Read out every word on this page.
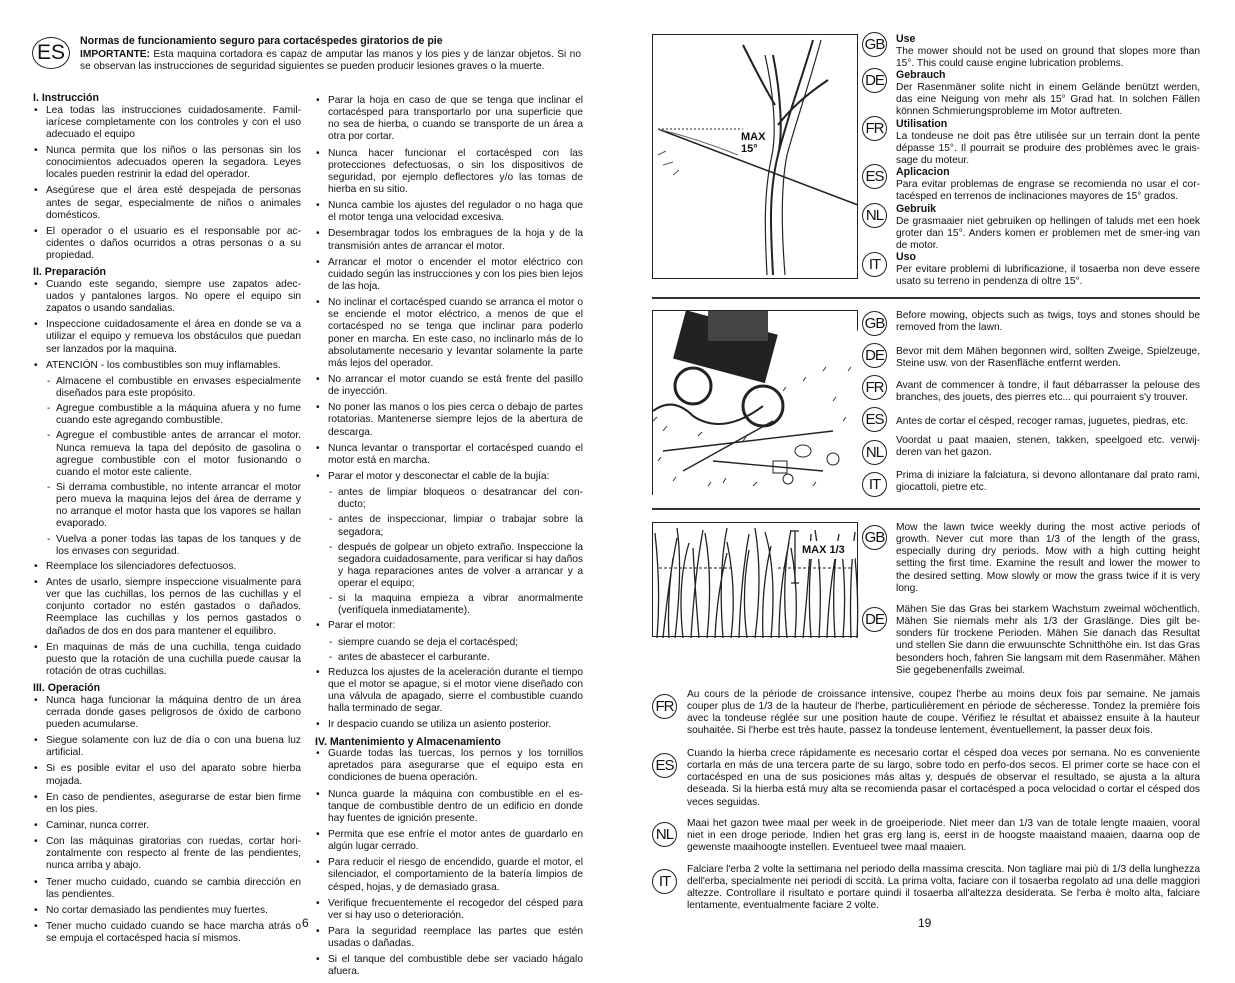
ES	Normas de funcionamiento seguro para cortacéspedes giratorios de pie
IMPORTANTE: Esta maquina cortadora es capaz de amputar las manos y los pies y de lanzar objetos. Si no se observan las instrucciones de seguridad siguientes se pueden producir lesiones graves o la muerte.
I. Instrucción
• Lea todas las instrucciones cuidadosamente. Famil-iarícese completamente con los controles y con el uso adecuado el equipo
• Nunca permita que los niños o las personas sin los conocimientos adecuados operen la segadora. Leyes locales pueden restrinir la edad del operador.
• Asegúrese que el área esté despejada de personas antes de segar, especialmente de niños o animales domésticos.
• El operador o el usuario es el responsable por ac-cidentes o daños ocurridos a otras personas o a su propiedad.
II. Preparación
• Cuando este segando, siempre use zapatos adec-uados y pantalones largos. No opere el equipo sin zapatos o usando sandalias.
• Inspeccione cuidadosamente el área en donde se va a utilizar el equipo y remueva los obstáculos que puedan ser lanzados por la maquina.
• ATENCIÓN - los combustibles son muy inflamables.
- Almacene el combustible en envases especialmente diseñados para este propósito.
- Agregue combustible a la máquina afuera y no fume cuando este agregando combustible.
- Agregue el combustible antes de arrancar el motor. Nunca remueva la tapa del depósito de gasolina o agregue combustible con el motor fusionando o cuando el motor este caliente.
- Si derrama combustible, no intente arrancar el motor pero mueva la maquina lejos del área de derrame y no arranque el motor hasta que los vapores se hallan evaporado.
- Vuelva a poner todas las tapas de los tanques y de los envases con seguridad.
• Reemplace los silenciadores defectuosos.
• Antes de usarlo, siempre inspeccione visualmente para ver que las cuchillas, los pernos de las cuchillas y el conjunto cortador no estén gastados o dañados. Reemplace las cuchillas y los pernos gastados o dañados de dos en dos para mantener el equilibro.
• En maquinas de más de una cuchilla, tenga cuidado puesto que la rotación de una cuchilla puede causar la rotación de otras cuchillas.
III. Operación
• Nunca haga funcionar la máquina dentro de un área cerrada donde gases peligrosos de óxido de carbono pueden acumularse.
• Siegue solamente con luz de día o con una buena luz artificial.
• Si es posible evitar el uso del aparato sobre hierba mojada.
• En caso de pendientes, asegurarse de estar bien firme en los pies.
• Caminar, nunca correr.
• Con las máquinas giratorias con ruedas, cortar hori-zontalmente con respecto al frente de las pendientes, nunca arriba y abajo.
• Tener mucho cuidado, cuando se cambia dirección en las pendientes.
• No cortar demasiado las pendientes muy fuertes.
• Tener mucho cuidado cuando se hace marcha atrás o se empuja el cortacésped hacia sí mismos.
• Parar la hoja en caso de que se tenga que inclinar el cortacésped para transportarlo por una superficie que no sea de hierba, o cuando se transporte de un área a otra por cortar.
• Nunca hacer funcionar el cortacésped con las protecciones defectuosas, o sin los dispositivos de seguridad, por ejemplo deflectores y/o las tomas de hierba en su sitio.
• Nunca cambie los ajustes del regulador o no haga que el motor tenga una velocidad excesiva.
• Desembragar todos los embragues de la hoja y de la transmisión antes de arrancar el motor.
• Arrancar el motor o encender el motor eléctrico con cuidado según las instrucciones y con los pies bien lejos de las hoja.
• No inclinar el cortacésped cuando se arranca el motor o se enciende el motor eléctrico, a menos de que el cortacésped no se tenga que inclinar para poderlo poner en marcha. En este caso, no inclinarlo más de lo absolutamente necesario y levantar solamente la parte más lejos del operador.
• No arrancar el motor cuando se está frente del pasillo de inyección.
• No poner las manos o los pies cerca o debajo de partes rotatorias. Mantenerse siempre lejos de la abertura de descarga.
• Nunca levantar o transportar el cortacésped cuando el motor está en marcha.
• Parar el motor y desconectar el cable de la bujía:
- antes de limpiar bloqueos o desatrancar del con-ducto;
- antes de inspeccionar, limpiar o trabajar sobre la segadora;
- después de golpear un objeto extraño. Inspeccione la segadora cuidadosamente, para verificar si hay daños y haga reparaciones antes de volver a arrancar y a operar el equipo;
- si la maquina empieza a vibrar anormalmente (verifíquela inmediatamente).
• Parar el motor:
- siempre cuando se deja el cortacésped;
- antes de abastecer el carburante.
• Reduzca los ajustes de la aceleración durante el tiempo que el motor se apague, si el motor viene diseñado con una válvula de apagado, sierre el combustible cuando halla terminado de segar.
• Ir despacio cuando se utiliza un asiento posterior.
IV. Mantenimiento y Almacenamiento
• Guarde todas las tuercas, los pernos y los tornillos apretados para asegurarse que el equipo esta en condiciones de buena operación.
• Nunca guarde la máquina con combustible en el es-tanque de combustible dentro de un edificio en donde hay fuentes de ignición presente.
• Permita que ese enfríe el motor antes de guardarlo en algún lugar cerrado.
• Para reducir el riesgo de encendido, guarde el motor, el silenciador, el comportamiento de la batería limpios de césped, hojas, y de demasiado grasa.
• Verifique frecuentemente el recogedor del césped para ver si hay uso o deterioración.
• Para la seguridad reemplace las partes que estén usadas o dañadas.
• Si el tanque del combustible debe ser vaciado hágalo afuera.
6
MAX
15°
GB Use
The mower should not be used on ground that slopes more than 15°. This could cause engine lubrication problems.
DE Gebrauch
Der Rasenmäner solite nicht in einem Gelände benützt werden, das eine Neigung von mehr als 15° Grad hat. In solchen Fällen können Schmierungsprobleme im Motor auftreten.
FR	Utilisation
La tondeuse ne doit pas être utilisée sur un terrain dont la pente dépasse 15°. Il pourrait se produire des problèmes avec le grais-sage du moteur.
ES	Aplicacion
Para evitar problemas de engrase se recomienda no usar el cor-tacésped en terrenos de inclinaciones mayores de 15° grados.
NL	Gebruik
De grasmaaier niet gebruiken op hellingen of taluds met een hoek groter dan 15°. Anders komen er problemen met de smer-ing van de motor.
IT	Uso
Per evitare problemi di lubrificazione, il tosaerba non deve essere usato su terreno in pendenza di oltre 15°.
GB Before mowing, objects such as twigs, toys and stones should be removed from the lawn.
DE	Bevor mit dem Mähen begonnen wird, sollten Zweige, Spielzeuge, Steine usw. von der Rasenfläche entfernt werden.
FR	Avant de commencer à tondre, il faut débarrasser la pelouse des branches, des jouets, des pierres etc... qui pourraient s'y trouver.
ES	Antes de cortar el césped, recoger ramas, juguetes, piedras, etc.
NL
Voordat u paat maaien, stenen, takken, speelgoed etc. verwij-deren van het gazon.
IT
Prima di iniziare la falciatura, si devono allontanare dal prato rami, giocattoli, pietre etc.
MAX 1/3
GB
Mow the lawn twice weekly during the most active periods of growth. Never cut more than 1/3 of the length of the grass, especially during dry periods. Mow with a high cutting height setting the first time. Examine the result and lower the mower to the desired setting. Mow slowly or mow the grass twice if it is very long.
DE
Mähen Sie das Gras bei starkem Wachstum zweimal wöchentlich. Mähen Sie niemals mehr als 1/3 der Graslänge. Dies gilt be-sonders für trockene Perioden. Mähen Sie danach das Resultat und stellen Sie dann die erwuunschte Schnitthöhe ein. Ist das Gras besonders hoch, fahren Sie langsam mit dem Rasenmäher. Mähen Sie gegebenenfalls zweimal.
FR
Au cours de la période de croissance intensive, coupez l'herbe au moins deux fois par semaine. Ne jamais couper plus de 1/3 de la hauteur de l'herbe, particulièrement en période de sécheresse. Tondez la première fois avec la tondeuse réglée sur une position haute de coupe. Vérifiez le résultat et abaissez ensuite à la hauteur souhaitée. Si l'herbe est très haute, passez la tondeuse lentement, éventuellement, la passer deux fois.
ES
Cuando la hierba crece rápidamente es necesario cortar el césped doa veces por semana. No es conveniente cortarla en más de una tercera parte de su largo, sobre todo en perfo-dos secos. El primer corte se hace con el cortacésped en una de sus posiciones más altas y, después de observar el resultado, se ajusta a la altura deseada. Si la hierba está muy alta se recomienda pasar el cortacésped a poca velocidad o cortar el césped dos veces seguidas.
NL
Maai het gazon twee maal per week in de groeiperiode. Niet meer dan 1/3 van de totale lengte maaien, vooral niet in een droge periode. Indien het gras erg lang is, eerst in de hoogste maaistand maaien, daarna oop de gewenste maaihoogte instellen. Eventueel twee maal maaien.
IT
Falciare l'erba 2 volte la settimana nel periodo della massima crescita. Non tagliare mai più di 1/3 della lunghezza dell'erba, specialmente nei periodi di sccità. La prima volta, faciare con il tosaerba regolato ad una delle maggiori altezze. Controllare il risultato e portare quindi il tosaerba all'altezza desiderata. Se l'erba è molto alta, falciare lentamente, eventualmente faciare 2 volte.
19
